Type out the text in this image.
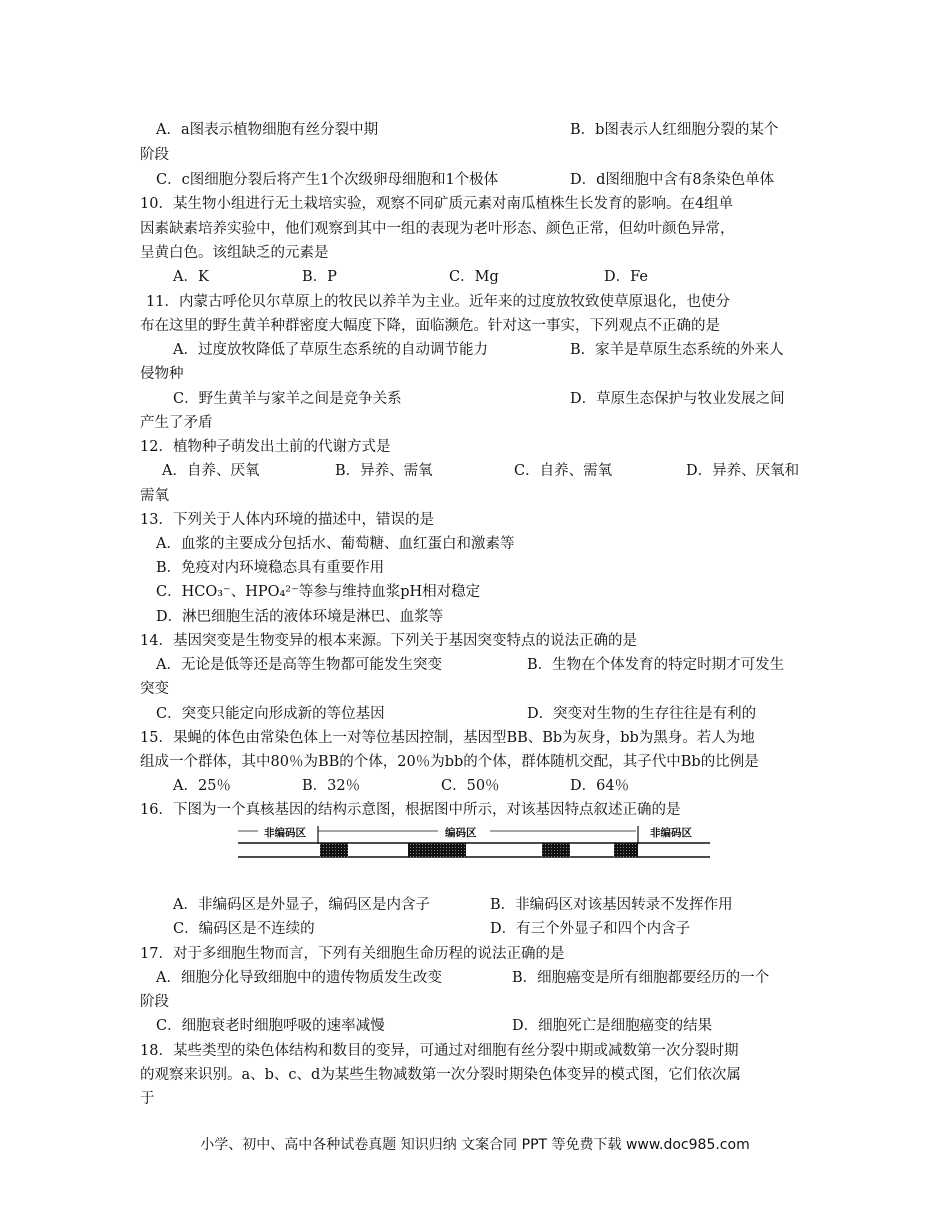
A．a图表示植物细胞有丝分裂中期	B．b图表示人红细胞分裂的某个
阶段
C．c图细胞分裂后将产生1个次级卵母细胞和1个极体	D．d图细胞中含有8条染色单体
10．某生物小组进行无土栽培实验，观察不同矿质元素对南瓜植株生长发育的影响。在4组单
因素缺素培养实验中，他们观察到其中一组的表现为老叶形态、颜色正常，但幼叶颜色异常，
呈黄白色。该组缺乏的元素是
A．K	B．P	C．Mg	D．Fe
11．内蒙古呼伦贝尔草原上的牧民以养羊为主业。近年来的过度放牧致使草原退化，也使分
布在这里的野生黄羊种群密度大幅度下降，面临濒危。针对这一事实，下列观点不正确的是
A．过度放牧降低了草原生态系统的自动调节能力	B．家羊是草原生态系统的外来人
侵物种
C．野生黄羊与家羊之间是竞争关系	D．草原生态保护与牧业发展之间
产生了矛盾
12．植物种子萌发出土前的代谢方式是
A．自养、厌氧	B．异养、需氧	C．自养、需氧	D．异养、厌氧和
需氧
13．下列关于人体内环境的描述中，错误的是
A．血浆的主要成分包括水、葡萄糖、血红蛋白和激素等
B．免疫对内环境稳态具有重要作用
C．HCO₃⁻、HPO₄²⁻等参与维持血浆pH相对稳定
D．淋巴细胞生活的液体环境是淋巴、血浆等
14．基因突变是生物变异的根本来源。下列关于基因突变特点的说法正确的是
A．无论是低等还是高等生物都可能发生突变	B．生物在个体发育的特定时期才可发生
突变
C．突变只能定向形成新的等位基因	D．突变对生物的生存往往是有利的
15．果蝇的体色由常染色体上一对等位基因控制，基因型BB、Bb为灰身，bb为黑身。若人为地
组成一个群体，其中80％为BB的个体，20％为bb的个体，群体随机交配，其子代中Bb的比例是
A．25％	B．32％	C．50％	D．64％
16．下图为一个真核基因的结构示意图，根据图中所示，对该基因特点叙述正确的是
非编码区	编码区	非编码区
A．非编码区是外显子，编码区是内含子	B．非编码区对该基因转录不发挥作用
C．编码区是不连续的	D．有三个外显子和四个内含子
17．对于多细胞生物而言，下列有关细胞生命历程的说法正确的是
A．细胞分化导致细胞中的遗传物质发生改变	B．细胞癌变是所有细胞都要经历的一个
阶段
C．细胞衰老时细胞呼吸的速率减慢	D．细胞死亡是细胞癌变的结果
18．某些类型的染色体结构和数目的变异，可通过对细胞有丝分裂中期或减数第一次分裂时期
的观察来识别。a、b、c、d为某些生物减数第一次分裂时期染色体变异的模式图，它们依次属
于
小学、初中、高中各种试卷真题 知识归纳 文案合同 PPT 等免费下载 www.doc985.com
